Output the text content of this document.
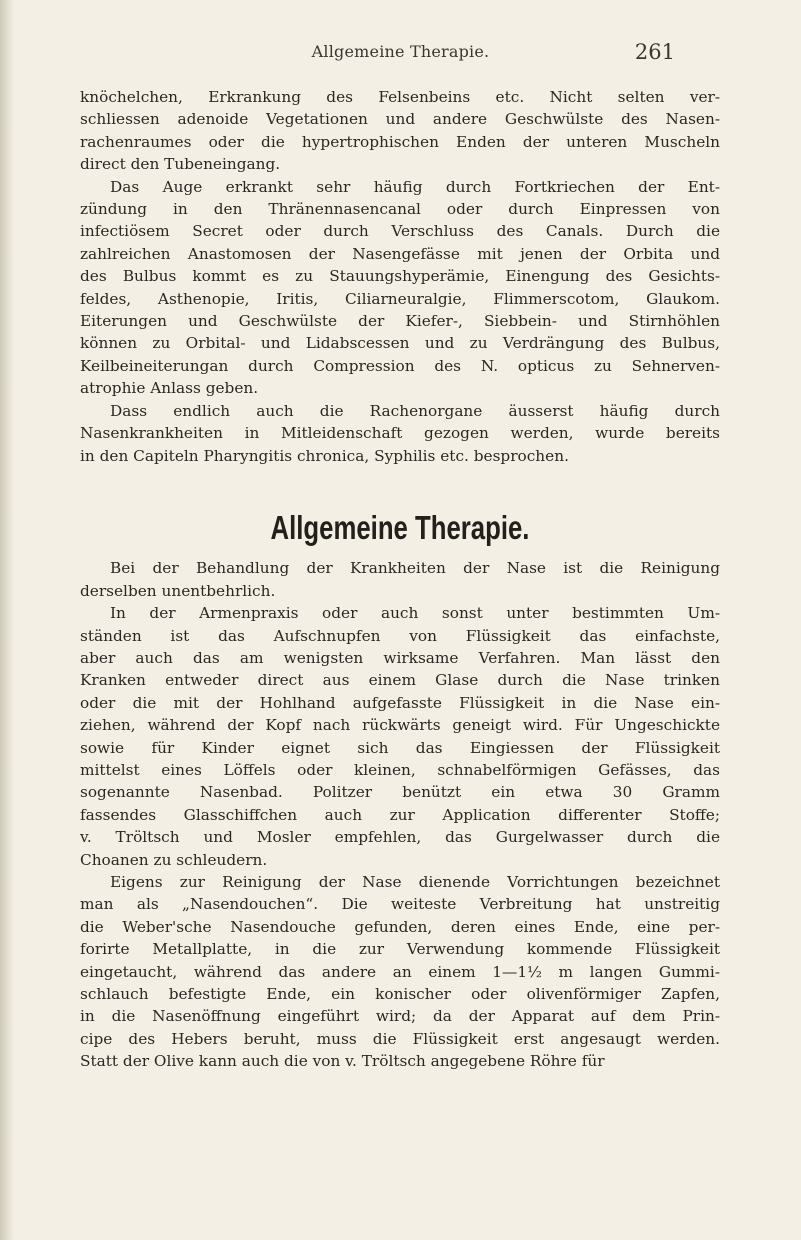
Allgemeine Therapie.	261

knöchelchen, Erkrankung des Felsenbeins etc. Nicht selten ver-
schliessen adenoide Vegetationen und andere Geschwülste des Nasen-
rachenraumes oder die hypertrophischen Enden der unteren Muscheln
direct den Tubeneingang.

Das Auge erkrankt sehr häufig durch Fortkriechen der Ent-
zündung in den Thränennasencanal oder durch Einpressen von
infectiösem Secret oder durch Verschluss des Canals. Durch die
zahlreichen Anastomosen der Nasengefässe mit jenen der Orbita und
des Bulbus kommt es zu Stauungshyperämie, Einengung des Gesichts-
feldes, Asthenopie, Iritis, Ciliarneuralgie, Flimmerscotom, Glaukom.
Eiterungen und Geschwülste der Kiefer-, Siebbein- und Stirnhöhlen
können zu Orbital- und Lidabscessen und zu Verdrängung des Bulbus,
Keilbeineiterungan durch Compression des N. opticus zu Sehnerven-
atrophie Anlass geben.

Dass endlich auch die Rachenorgane äusserst häufig durch
Nasenkrankheiten in Mitleidenschaft gezogen werden, wurde bereits
in den Capiteln Pharyngitis chronica, Syphilis etc. besprochen.

Allgemeine Therapie.

Bei der Behandlung der Krankheiten der Nase ist die Reinigung
derselben unentbehrlich.

In der Armenpraxis oder auch sonst unter bestimmten Um-
ständen ist das Aufschnupfen von Flüssigkeit das einfachste,
aber auch das am wenigsten wirksame Verfahren. Man lässt den
Kranken entweder direct aus einem Glase durch die Nase trinken
oder die mit der Hohlhand aufgefasste Flüssigkeit in die Nase ein-
ziehen, während der Kopf nach rückwärts geneigt wird. Für Ungeschickte
sowie für Kinder eignet sich das Eingiessen der Flüssigkeit
mittelst eines Löffels oder kleinen, schnabelförmigen Gefässes, das
sogenannte Nasenbad. Politzer benützt ein etwa 30 Gramm
fassendes Glasschiffchen auch zur Application differenter Stoffe;
v. Tröltsch und Mosler empfehlen, das Gurgelwasser durch die
Choanen zu schleudern.

Eigens zur Reinigung der Nase dienende Vorrichtungen bezeichnet
man als „Nasendouchen“. Die weiteste Verbreitung hat unstreitig
die Weber'sche Nasendouche gefunden, deren eines Ende, eine per-
forirte Metallplatte, in die zur Verwendung kommende Flüssigkeit
eingetaucht, während das andere an einem 1—1½ m langen Gummi-
schlauch befestigte Ende, ein konischer oder olivenförmiger Zapfen,
in die Nasenöffnung eingeführt wird; da der Apparat auf dem Prin-
cipe des Hebers beruht, muss die Flüssigkeit erst angesaugt werden.
Statt der Olive kann auch die von v. Tröltsch angegebene Röhre für
